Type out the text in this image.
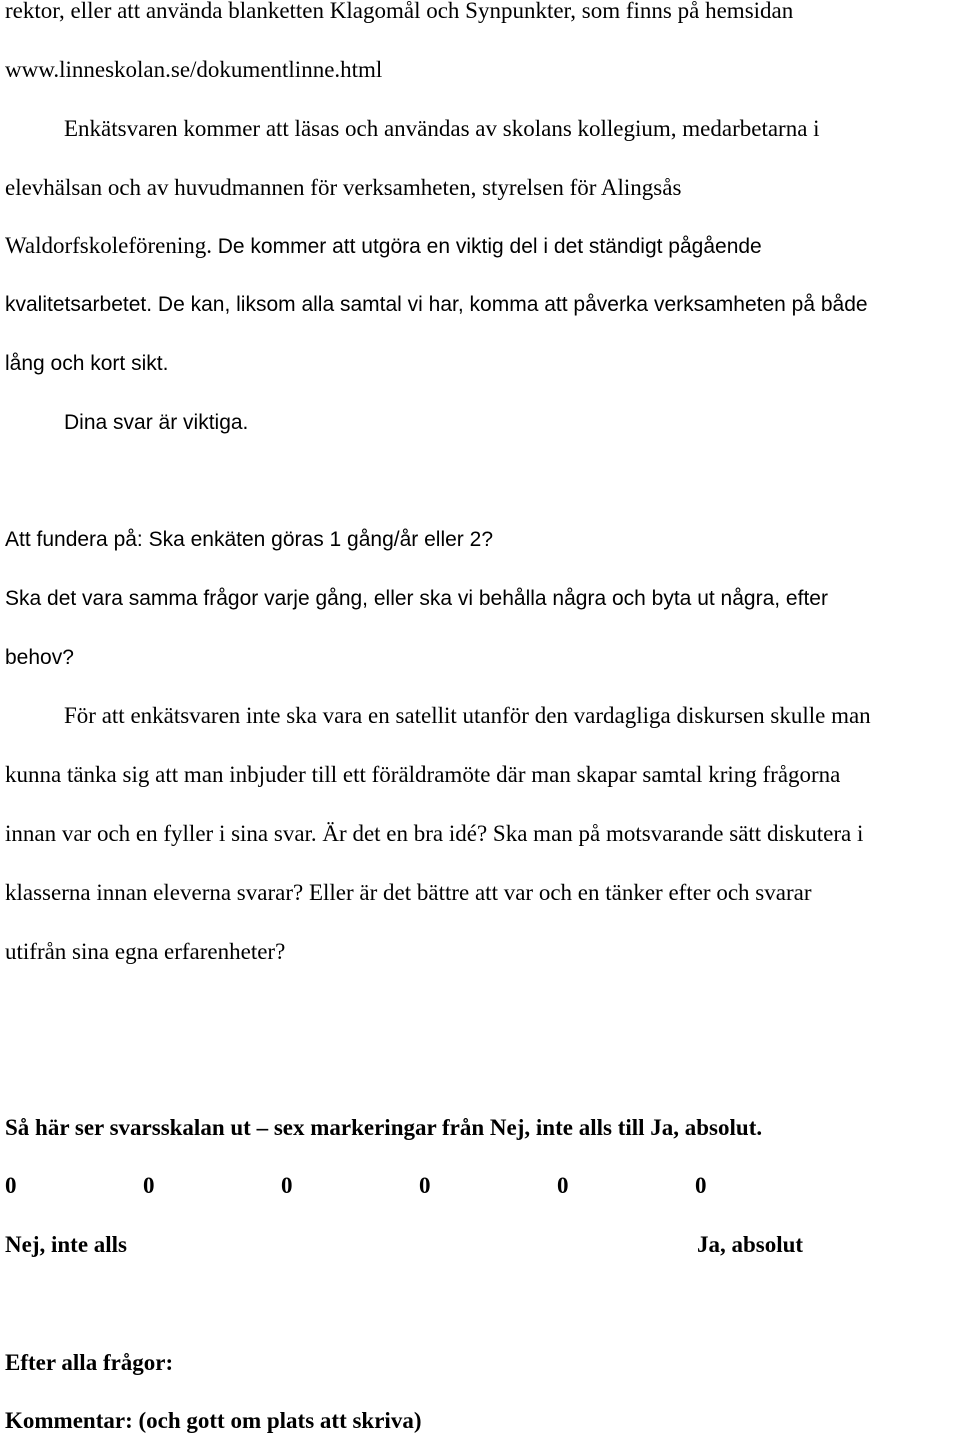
rektor, eller att använda blanketten Klagomål och Synpunkter, som finns på hemsidan
www.linneskolan.se/dokumentlinne.html
Enkätsvaren kommer att läsas och användas av skolans kollegium, medarbetarna i
elevhälsan och av huvudmannen för verksamheten, styrelsen för Alingsås
Waldorfskoleförening. De kommer att utgöra en viktig del i det ständigt pågående
kvalitetsarbetet. De kan, liksom alla samtal vi har, komma att påverka verksamheten på både
lång och kort sikt.
Dina svar är viktiga.
Att fundera på: Ska enkäten göras 1 gång/år eller 2?
Ska det vara samma frågor varje gång, eller ska vi behålla några och byta ut några, efter
behov?
För att enkätsvaren inte ska vara en satellit utanför den vardagliga diskursen skulle man
kunna tänka sig att man inbjuder till ett föräldramöte där man skapar samtal kring frågorna
innan var och en fyller i sina svar. Är det en bra idé? Ska man på motsvarande sätt diskutera i
klasserna innan eleverna svarar? Eller är det bättre att var och en tänker efter och svarar
utifrån sina egna erfarenheter?
Så här ser svarsskalan ut – sex markeringar från Nej, inte alls till Ja, absolut.
0	0	0	0	0	0
Nej, inte alls	Ja, absolut
Efter alla frågor:
Kommentar: (och gott om plats att skriva)
